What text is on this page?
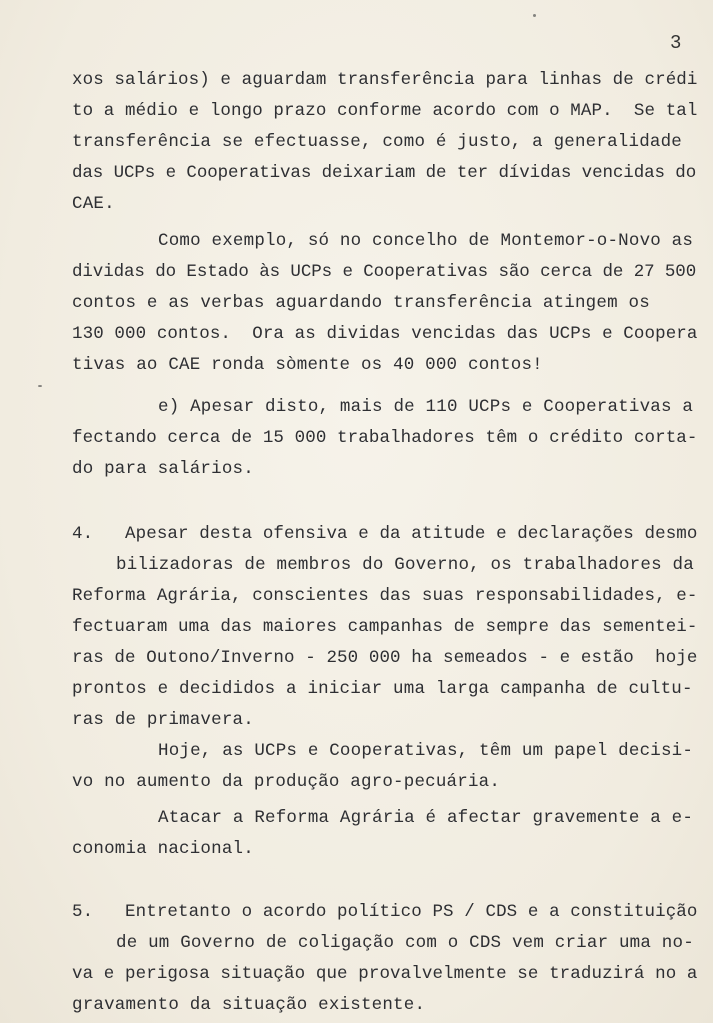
3
xos salários) e aguardam transferência para linhas de crédi
to a médio e longo prazo conforme acordo com o MAP.  Se tal
transferência se efectuasse, como é justo, a generalidade
das UCPs e Cooperativas deixariam de ter dívidas vencidas do
CAE.
Como exemplo, só no concelho de Montemor-o-Novo as
dividas do Estado às UCPs e Cooperativas são cerca de 27 500
contos e as verbas aguardando transferência atingem os
130 000 contos.  Ora as dividas vencidas das UCPs e Coopera
tivas ao CAE ronda sòmente os 40 000 contos!
e) Apesar disto, mais de 110 UCPs e Cooperativas a
fectando cerca de 15 000 trabalhadores têm o crédito corta-
do para salários.
4.   Apesar desta ofensiva e da atitude e declarações desmo
bilizadoras de membros do Governo, os trabalhadores da
Reforma Agrária, conscientes das suas responsabilidades, e-
fectuaram uma das maiores campanhas de sempre das sementei-
ras de Outono/Inverno - 250 000 ha semeados - e estão  hoje
prontos e decididos a iniciar uma larga campanha de cultu-
ras de primavera.
Hoje, as UCPs e Cooperativas, têm um papel decisi-
vo no aumento da produção agro-pecuária.
Atacar a Reforma Agrária é afectar gravemente a e-
conomia nacional.
5.   Entretanto o acordo político PS / CDS e a constituição
de um Governo de coligação com o CDS vem criar uma no-
va e perigosa situação que provalvelmente se traduzirá no a
gravamento da situação existente.
